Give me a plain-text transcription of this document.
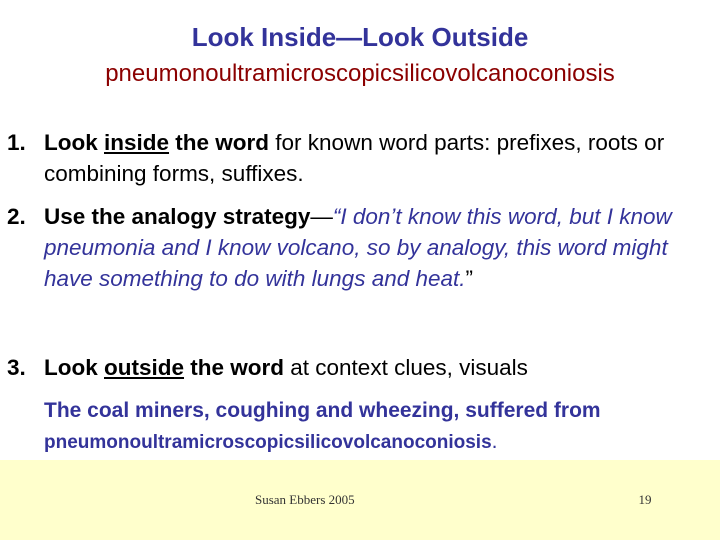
Look Inside—Look Outside
pneumonoultramicroscopicsilicovolcanoconiosis
1. Look inside the word for known word parts: prefixes, roots or combining forms, suffixes.
2. Use the analogy strategy—“I don’t know this word, but I know pneumonia and I know volcano, so by analogy, this word might have something to do with lungs and heat.”
3. Look outside the word at context clues, visuals
The coal miners, coughing and wheezing, suffered from pneumonoultramicroscopicsilicovolcanoconiosis.
Susan Ebbers 2005	19
